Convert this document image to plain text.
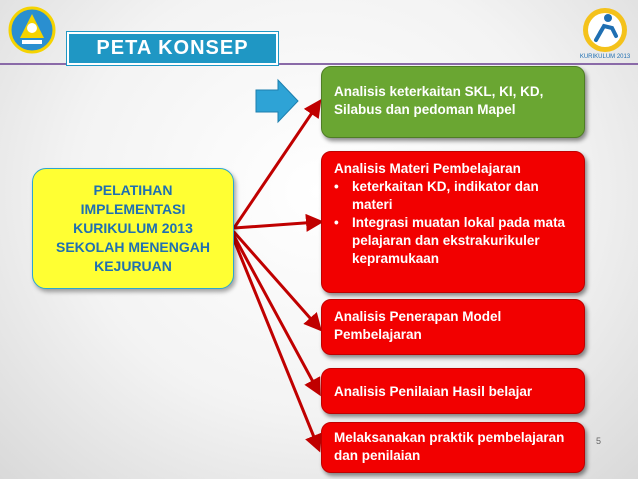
PETA KONSEP	KURIKULUM 2013
PELATIHAN
IMPLEMENTASI
KURIKULUM 2013
SEKOLAH MENENGAH
KEJURUAN
Analisis keterkaitan SKL, KI, KD, Silabus dan pedoman Mapel
Analisis Materi Pembelajaran
• keterkaitan KD, indikator dan materi
• Integrasi muatan lokal pada mata pelajaran dan ekstrakurikuler kepramukaan
Analisis Penerapan Model Pembelajaran
Analisis Penilaian Hasil belajar
Melaksanakan praktik pembelajaran dan penilaian
5
